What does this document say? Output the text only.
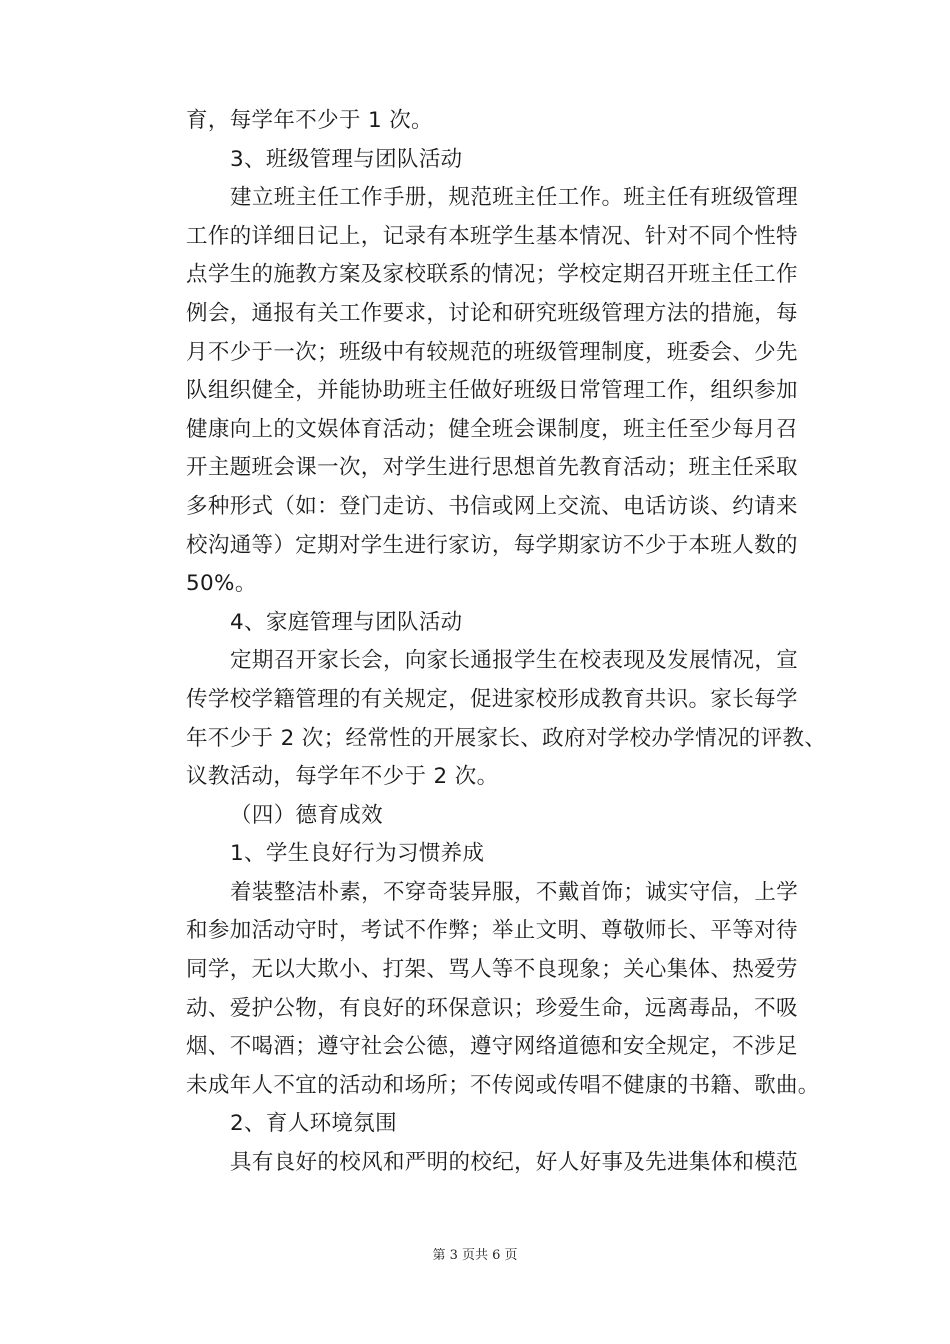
育，每学年不少于 1 次。
3、班级管理与团队活动
建立班主任工作手册，规范班主任工作。班主任有班级管理
工作的详细日记上，记录有本班学生基本情况、针对不同个性特
点学生的施教方案及家校联系的情况；学校定期召开班主任工作
例会，通报有关工作要求，讨论和研究班级管理方法的措施，每
月不少于一次；班级中有较规范的班级管理制度，班委会、少先
队组织健全，并能协助班主任做好班级日常管理工作，组织参加
健康向上的文娱体育活动；健全班会课制度，班主任至少每月召
开主题班会课一次，对学生进行思想首先教育活动；班主任采取
多种形式（如：登门走访、书信或网上交流、电话访谈、约请来
校沟通等）定期对学生进行家访，每学期家访不少于本班人数的
50%。
4、家庭管理与团队活动
定期召开家长会，向家长通报学生在校表现及发展情况，宣
传学校学籍管理的有关规定，促进家校形成教育共识。家长每学
年不少于 2 次；经常性的开展家长、政府对学校办学情况的评教、
议教活动，每学年不少于 2 次。
（四）德育成效
1、学生良好行为习惯养成
着装整洁朴素，不穿奇装异服，不戴首饰；诚实守信，上学
和参加活动守时，考试不作弊；举止文明、尊敬师长、平等对待
同学，无以大欺小、打架、骂人等不良现象；关心集体、热爱劳
动、爱护公物，有良好的环保意识；珍爱生命，远离毒品，不吸
烟、不喝酒；遵守社会公德，遵守网络道德和安全规定，不涉足
未成年人不宜的活动和场所；不传阅或传唱不健康的书籍、歌曲。
2、育人环境氛围
具有良好的校风和严明的校纪，好人好事及先进集体和模范
第 3 页共 6 页
